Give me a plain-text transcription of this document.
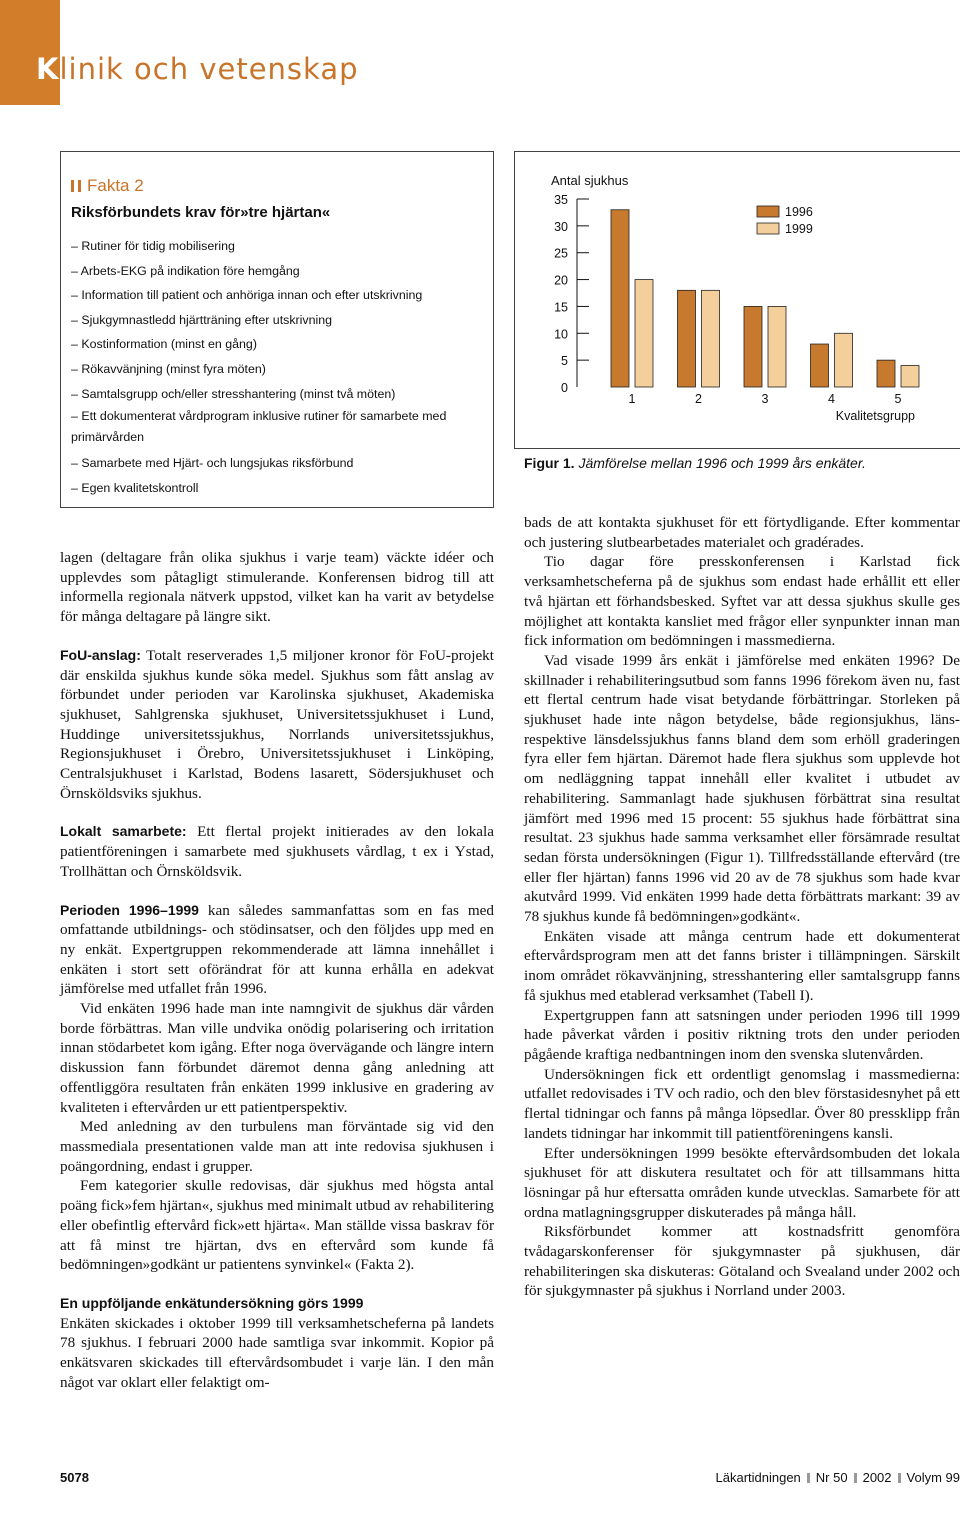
Klinik och vetenskap
Fakta 2
Riksförbundets krav för»tre hjärtan«
– Rutiner för tidig mobilisering
– Arbets-EKG på indikation före hemgång
– Information till patient och anhöriga innan och efter utskrivning
– Sjukgymnastledd hjärtträning efter utskrivning
– Kostinformation (minst en gång)
– Rökavvänjning (minst fyra möten)
– Samtalsgrupp och/eller stresshantering (minst två möten)
– Ett dokumenterat vårdprogram inklusive rutiner för samarbete med primärvården
– Samarbete med Hjärt- och lungsjukas riksförbund
– Egen kvalitetskontroll
Antal sjukhus
0
5
10
15
20
25
30
35
1	2	3	4	5
Kvalitetsgrupp
1996
1999
Figur 1. Jämförelse mellan 1996 och 1999 års enkäter.

lagen (deltagare från olika sjukhus i varje team) väckte idéer och upplevdes som påtagligt stimulerande. Konferensen bidrog till att informella regionala nätverk uppstod, vilket kan ha varit av betydelse för många deltagare på längre sikt.

FoU-anslag: Totalt reserverades 1,5 miljoner kronor för FoU-projekt där enskilda sjukhus kunde söka medel. Sjukhus som fått anslag av förbundet under perioden var Karolinska sjukhuset, Akademiska sjukhuset, Sahlgrenska sjukhuset, Universitetssjukhuset i Lund, Huddinge universitetssjukhus, Norrlands universitetssjukhus, Regionsjukhuset i Örebro, Universitetssjukhuset i Linköping, Centralsjukhuset i Karlstad, Bodens lasarett, Södersjukhuset och Örnsköldsviks sjukhus.

Lokalt samarbete: Ett flertal projekt initierades av den lokala patientföreningen i samarbete med sjukhusets vårdlag, t ex i Ystad, Trollhättan och Örnsköldsvik.

Perioden 1996–1999 kan således sammanfattas som en fas med omfattande utbildnings- och stödinsatser, och den följdes upp med en ny enkät. Expertgruppen rekommenderade att lämna innehållet i enkäten i stort sett oförändrat för att kunna erhålla en adekvat jämförelse med utfallet från 1996.

Vid enkäten 1996 hade man inte namngivit de sjukhus där vården borde förbättras. Man ville undvika onödig polarisering och irritation innan stödarbetet kom igång. Efter noga övervägande och längre intern diskussion fann förbundet däremot denna gång anledning att offentliggöra resultaten från enkäten 1999 inklusive en gradering av kvaliteten i eftervården ur ett patientperspektiv.

Med anledning av den turbulens man förväntade sig vid den massmediala presentationen valde man att inte redovisa sjukhusen i poängordning, endast i grupper.

Fem kategorier skulle redovisas, där sjukhus med högsta antal poäng fick»fem hjärtan«, sjukhus med minimalt utbud av rehabilitering eller obefintlig eftervård fick»ett hjärta«. Man ställde vissa baskrav för att få minst tre hjärtan, dvs en eftervård som kunde få bedömningen»godkänt ur patientens synvinkel« (Fakta 2).

En uppföljande enkätundersökning görs 1999

Enkäten skickades i oktober 1999 till verksamhetscheferna på landets 78 sjukhus. I februari 2000 hade samtliga svar inkommit. Kopior på enkätsvaren skickades till eftervårdsombudet i varje län. I den mån något var oklart eller felaktigt om-

bads de att kontakta sjukhuset för ett förtydligande. Efter kommentar och justering slutbearbetades materialet och gradérades.

Tio dagar före presskonferensen i Karlstad fick verksamhetscheferna på de sjukhus som endast hade erhållit ett eller två hjärtan ett förhandsbesked. Syftet var att dessa sjukhus skulle ges möjlighet att kontakta kansliet med frågor eller synpunkter innan man fick information om bedömningen i massmedierna.

Vad visade 1999 års enkät i jämförelse med enkäten 1996? De skillnader i rehabiliteringsutbud som fanns 1996 förekom även nu, fast ett flertal centrum hade visat betydande förbättringar. Storleken på sjukhuset hade inte någon betydelse, både regionsjukhus, läns- respektive länsdelssjukhus fanns bland dem som erhöll graderingen fyra eller fem hjärtan. Däremot hade flera sjukhus som upplevde hot om nedläggning tappat innehåll eller kvalitet i utbudet av rehabilitering. Sammanlagt hade sjukhusen förbättrat sina resultat jämfört med 1996 med 15 procent: 55 sjukhus hade förbättrat sina resultat. 23 sjukhus hade samma verksamhet eller försämrade resultat sedan första undersökningen (Figur 1). Tillfredsställande eftervård (tre eller fler hjärtan) fanns 1996 vid 20 av de 78 sjukhus som hade kvar akutvård 1999. Vid enkäten 1999 hade detta förbättrats markant: 39 av 78 sjukhus kunde få bedömningen»godkänt«.

Enkäten visade att många centrum hade ett dokumenterat eftervårdsprogram men att det fanns brister i tillämpningen. Särskilt inom området rökavvänjning, stresshantering eller samtalsgrupp fanns få sjukhus med etablerad verksamhet (Tabell I).

Expertgruppen fann att satsningen under perioden 1996 till 1999 hade påverkat vården i positiv riktning trots den under perioden pågående kraftiga nedbantningen inom den svenska slutenvården.

Undersökningen fick ett ordentligt genomslag i massmedierna: utfallet redovisades i TV och radio, och den blev förstasidesnyhet på ett flertal tidningar och fanns på många löpsedlar. Över 80 pressklipp från landets tidningar har inkommit till patientföreningens kansli.

Efter undersökningen 1999 besökte eftervårdsombuden det lokala sjukhuset för att diskutera resultatet och för att tillsammans hitta lösningar på hur eftersatta områden kunde utvecklas. Samarbete för att ordna matlagningsgrupper diskuterades på många håll.

Riksförbundet kommer att kostnadsfritt genomföra tvådagarskonferenser för sjukgymnaster på sjukhusen, där rehabiliteringen ska diskuteras: Götaland och Svealand under 2002 och för sjukgymnaster på sjukhus i Norrland under 2003.

5078	Läkartidningen Nr 50 2002 Volym 99
